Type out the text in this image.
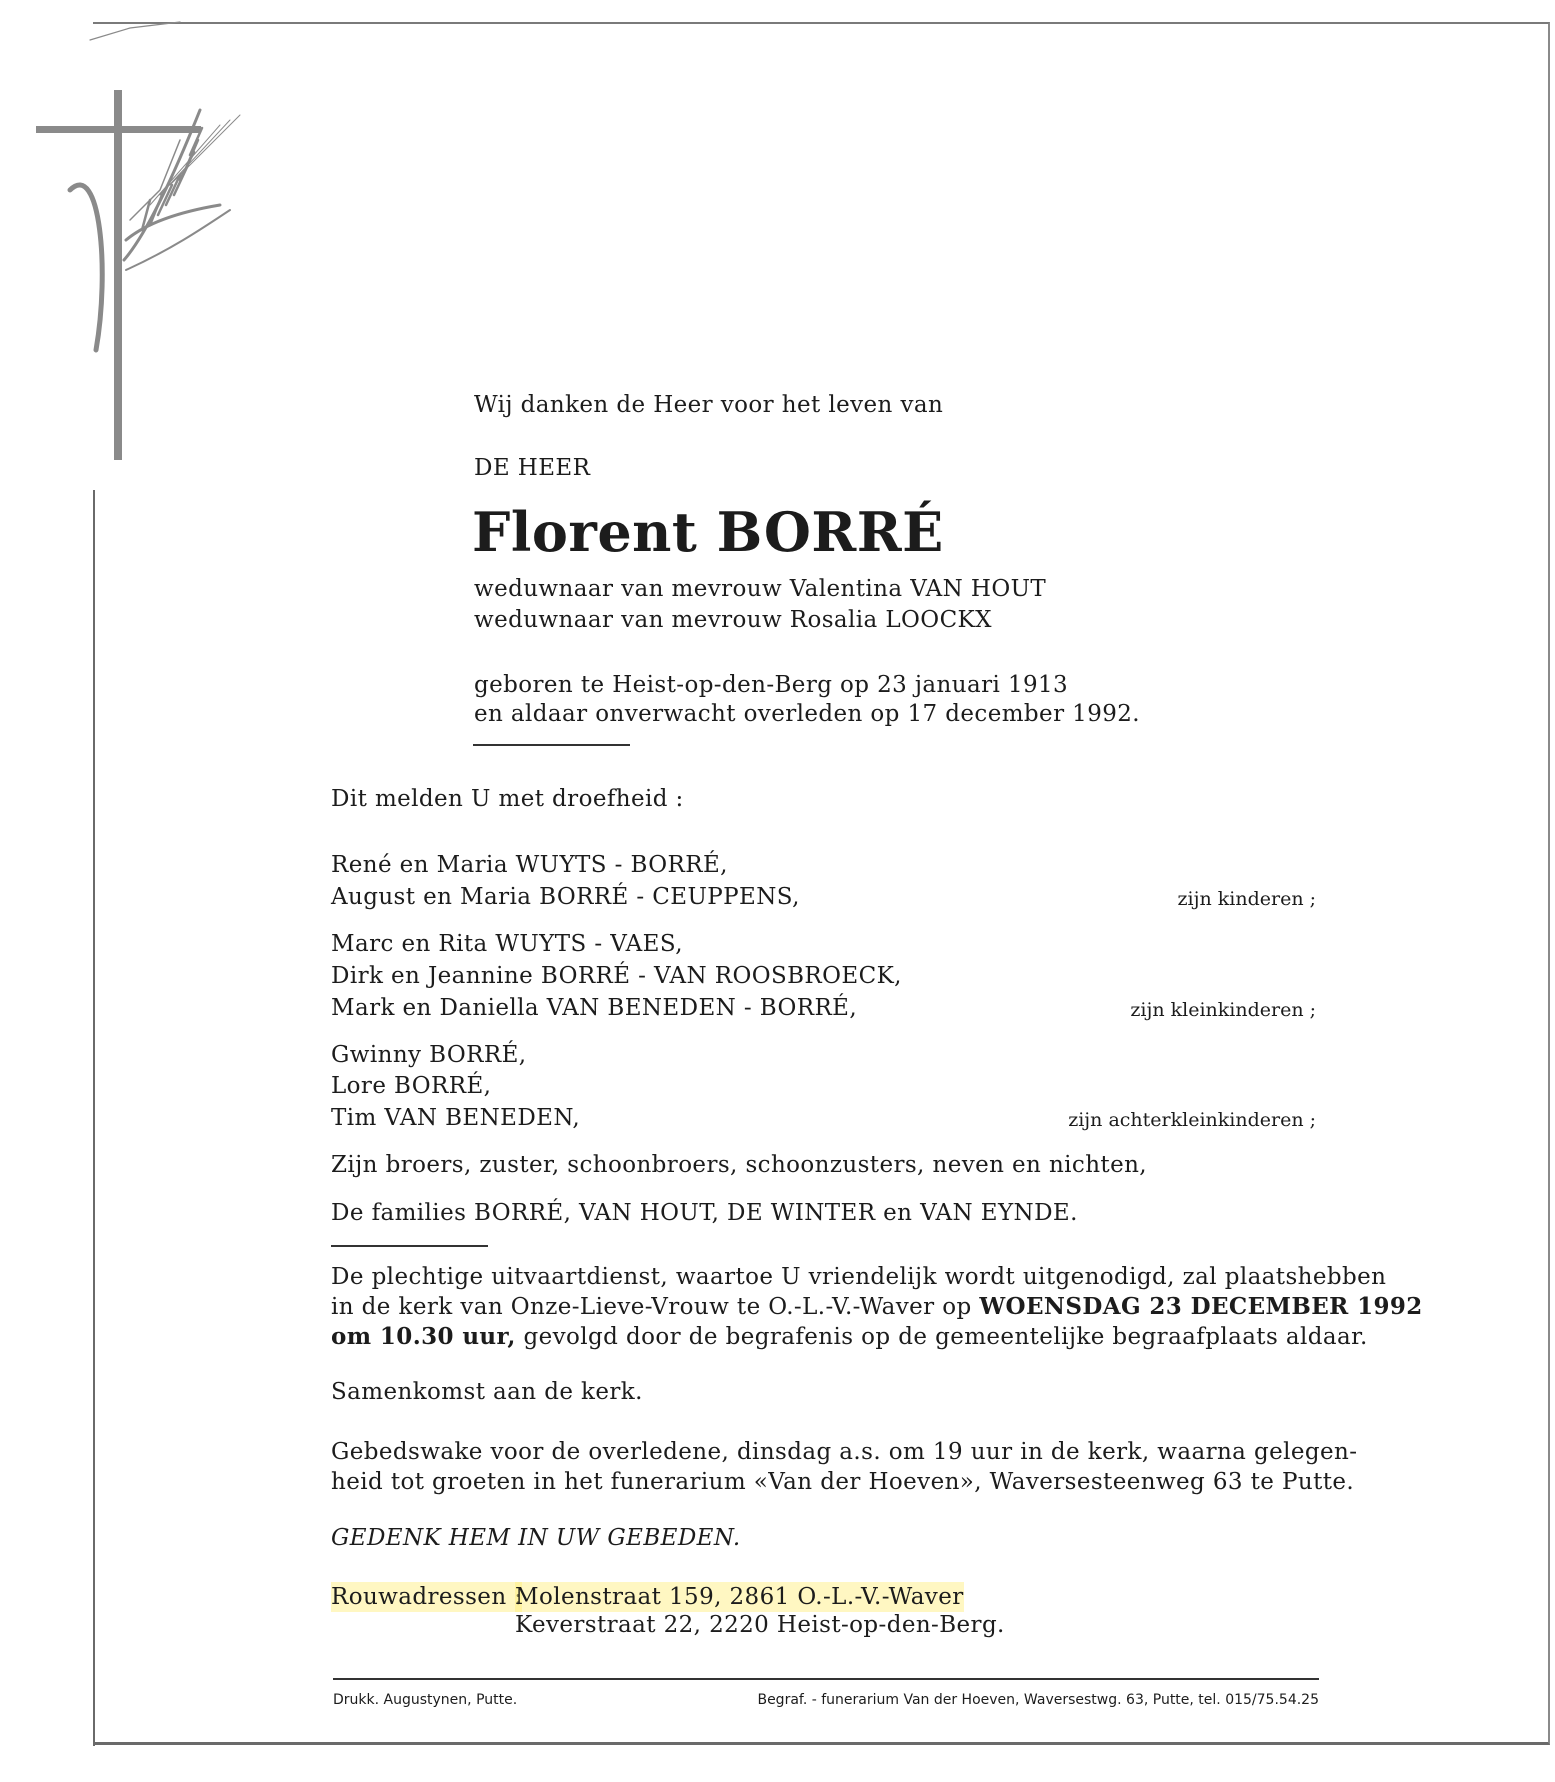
Wij danken de Heer voor het leven van
DE HEER
Florent BORRÉ
weduwnaar van mevrouw Valentina VAN HOUT
weduwnaar van mevrouw Rosalia LOOCKX
geboren te Heist-op-den-Berg op 23 januari 1913
en aldaar onverwacht overleden op 17 december 1992.
Dit melden U met droefheid :
René en Maria WUYTS - BORRÉ,
August en Maria BORRÉ - CEUPPENS,	zijn kinderen ;
Marc en Rita WUYTS - VAES,
Dirk en Jeannine BORRÉ - VAN ROOSBROECK,
Mark en Daniella VAN BENEDEN - BORRÉ,	zijn kleinkinderen ;
Gwinny BORRÉ,
Lore BORRÉ,
Tim VAN BENEDEN,	zijn achterkleinkinderen ;
Zijn broers, zuster, schoonbroers, schoonzusters, neven en nichten,
De families BORRÉ, VAN HOUT, DE WINTER en VAN EYNDE.
De plechtige uitvaartdienst, waartoe U vriendelijk wordt uitgenodigd, zal plaatshebben
in de kerk van Onze-Lieve-Vrouw te O.-L.-V.-Waver op WOENSDAG 23 DECEMBER 1992
om 10.30 uur, gevolgd door de begrafenis op de gemeentelijke begraafplaats aldaar.
Samenkomst aan de kerk.
Gebedswake voor de overledene, dinsdag a.s. om 19 uur in de kerk, waarna gelegen-
heid tot groeten in het funerarium «Van der Hoeven», Waversesteenweg 63 te Putte.
GEDENK HEM IN UW GEBEDEN.
Rouwadressen :
Molenstraat 159, 2861 O.-L.-V.-Waver
Keverstraat 22, 2220 Heist-op-den-Berg.
Drukk. Augustynen, Putte.	Begraf. - funerarium Van der Hoeven, Waversestwg. 63, Putte, tel. 015/75.54.25
